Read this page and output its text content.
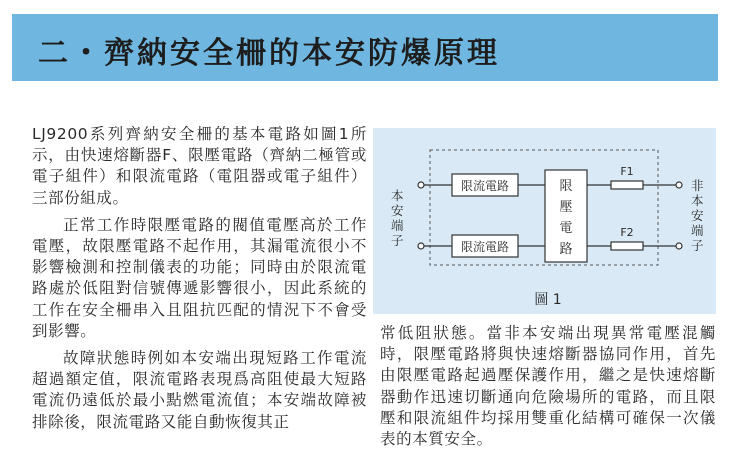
二・齊納安全柵的本安防爆原理

LJ9200系列齊納安全柵的基本電路如圖1所示，由快速熔斷器F、限壓電路（齊納二極管或電子組件）和限流電路（電阻器或電子組件）三部份組成。

正常工作時限壓電路的閥值電壓高於工作電壓，故限壓電路不起作用，其漏電流很小不影響檢測和控制儀表的功能；同時由於限流電路處於低阻對信號傳遞影響很小，因此系統的工作在安全柵串入且阻抗匹配的情況下不會受到影響。

故障狀態時例如本安端出現短路工作電流超過額定值，限流電路表現爲高阻使最大短路電流仍遠低於最小點燃電流值；本安端故障被排除後，限流電路又能自動恢復其正

本
安
端
子
非
本
安
端
子
限流電路
限流電路
限
壓
電
路
F1
F2
圖 1

常低阻狀態。當非本安端出現異常電壓混觸時，限壓電路將與快速熔斷器協同作用，首先由限壓電路起過壓保護作用，繼之是快速熔斷器動作迅速切斷通向危險場所的電路，而且限壓和限流組件均採用雙重化結構可確保一次儀表的本質安全。
